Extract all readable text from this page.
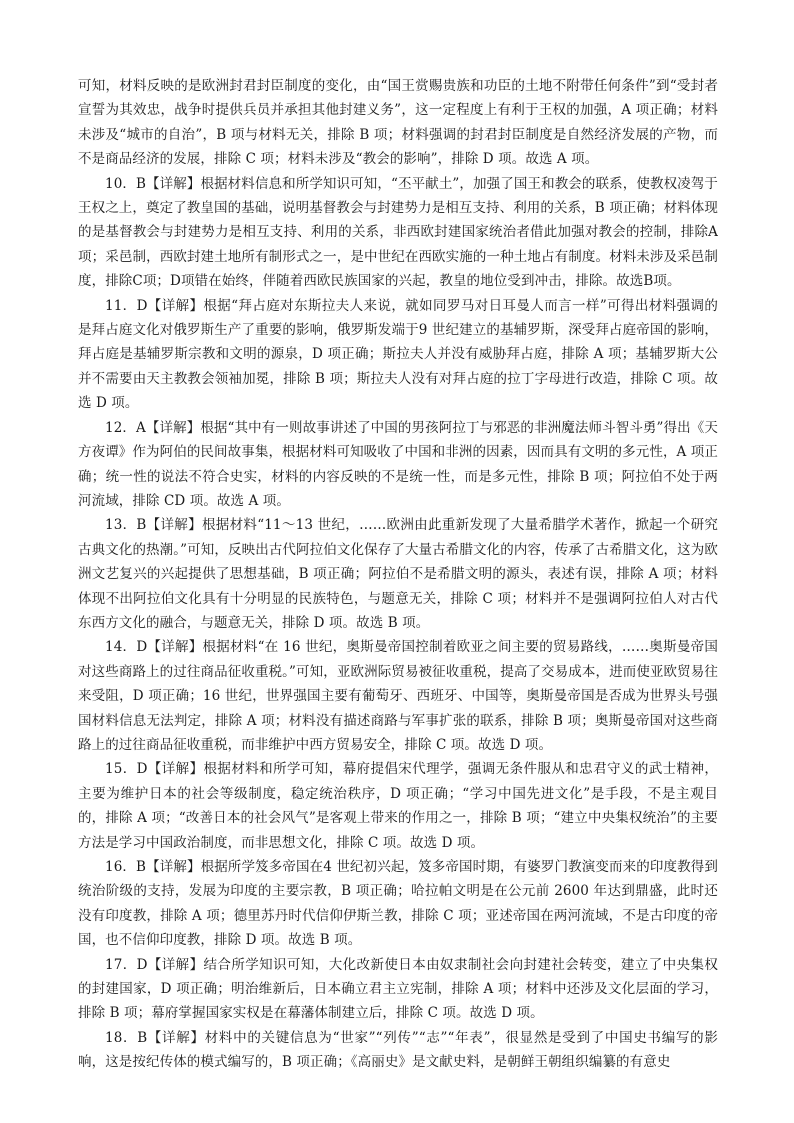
可知，材料反映的是欧洲封君封臣制度的变化，由“国王赏赐贵族和功臣的土地不附带任何条件”到“受封者宣誓为其效忠，战争时提供兵员并承担其他封建义务”，这一定程度上有利于王权的加强，A 项正确；材料未涉及“城市的自治”，B 项与材料无关，排除 B 项；材料强调的封君封臣制度是自然经济发展的产物，而不是商品经济的发展，排除 C 项；材料未涉及“教会的影响”，排除 D 项。故选 A 项。

10．B【详解】根据材料信息和所学知识可知，“丕平献土”，加强了国王和教会的联系，使教权凌驾于王权之上，奠定了教皇国的基础，说明基督教会与封建势力是相互支持、利用的关系，B 项正确；材料体现的是基督教会与封建势力是相互支持、利用的关系，非西欧封建国家统治者借此加强对教会的控制，排除A项；采邑制，西欧封建土地所有制形式之一，是中世纪在西欧实施的一种土地占有制度。材料未涉及采邑制度，排除C项；D项错在始终，伴随着西欧民族国家的兴起，教皇的地位受到冲击，排除。故选B项。

11．D【详解】根据“拜占庭对东斯拉夫人来说，就如同罗马对日耳曼人而言一样”可得出材料强调的是拜占庭文化对俄罗斯生产了重要的影响，俄罗斯发端于9 世纪建立的基辅罗斯，深受拜占庭帝国的影响，拜占庭是基辅罗斯宗教和文明的源泉，D 项正确；斯拉夫人并没有威胁拜占庭，排除 A 项；基辅罗斯大公并不需要由天主教教会领袖加冕，排除 B 项；斯拉夫人没有对拜占庭的拉丁字母进行改造，排除 C 项。故选 D 项。

12．A【详解】根据“其中有一则故事讲述了中国的男孩阿拉丁与邪恶的非洲魔法师斗智斗勇”得出《天方夜谭》作为阿伯的民间故事集，根据材料可知吸收了中国和非洲的因素，因而具有文明的多元性，A 项正确；统一性的说法不符合史实，材料的内容反映的不是统一性，而是多元性，排除 B 项；阿拉伯不处于两河流域，排除 CD 项。故选 A 项。

13．B【详解】根据材料“11～13 世纪，……欧洲由此重新发现了大量希腊学术著作，掀起一个研究古典文化的热潮。”可知，反映出古代阿拉伯文化保存了大量古希腊文化的内容，传承了古希腊文化，这为欧洲文艺复兴的兴起提供了思想基础，B 项正确；阿拉伯不是希腊文明的源头，表述有误，排除 A 项；材料体现不出阿拉伯文化具有十分明显的民族特色，与题意无关，排除 C 项；材料并不是强调阿拉伯人对古代东西方文化的融合，与题意无关，排除 D 项。故选 B 项。

14．D【详解】根据材料“在 16 世纪，奥斯曼帝国控制着欧亚之间主要的贸易路线，……奥斯曼帝国对这些商路上的过往商品征收重税。”可知，亚欧洲际贸易被征收重税，提高了交易成本，进而使亚欧贸易往来受阻，D 项正确；16 世纪，世界强国主要有葡萄牙、西班牙、中国等，奥斯曼帝国是否成为世界头号强国材料信息无法判定，排除 A 项；材料没有描述商路与军事扩张的联系，排除 B 项；奥斯曼帝国对这些商路上的过往商品征收重税，而非维护中西方贸易安全，排除 C 项。故选 D 项。

15．D【详解】根据材料和所学可知，幕府提倡宋代理学，强调无条件服从和忠君守义的武士精神，主要为维护日本的社会等级制度，稳定统治秩序，D 项正确；“学习中国先进文化”是手段，不是主观目的，排除 A 项；“改善日本的社会风气”是客观上带来的作用之一，排除 B 项；“建立中央集权统治”的主要方法是学习中国政治制度，而非思想文化，排除 C 项。故选 D 项。

16．B【详解】根据所学笈多帝国在4 世纪初兴起，笈多帝国时期，有婆罗门教演变而来的印度教得到统治阶级的支持，发展为印度的主要宗教，B 项正确；哈拉帕文明是在公元前 2600 年达到鼎盛，此时还没有印度教，排除 A 项；德里苏丹时代信仰伊斯兰教，排除 C 项；亚述帝国在两河流域，不是古印度的帝国，也不信仰印度教，排除 D 项。故选 B 项。

17．D【详解】结合所学知识可知，大化改新使日本由奴隶制社会向封建社会转变，建立了中央集权的封建国家，D 项正确；明治维新后，日本确立君主立宪制，排除 A 项；材料中还涉及文化层面的学习，排除 B 项；幕府掌握国家实权是在幕藩体制建立后，排除 C 项。故选 D 项。

18．B【详解】材料中的关键信息为“世家”“列传”“志”“年表”，很显然是受到了中国史书编写的影响，这是按纪传体的模式编写的，B 项正确；《高丽史》是文献史料，是朝鲜王朝组织编纂的有意史
